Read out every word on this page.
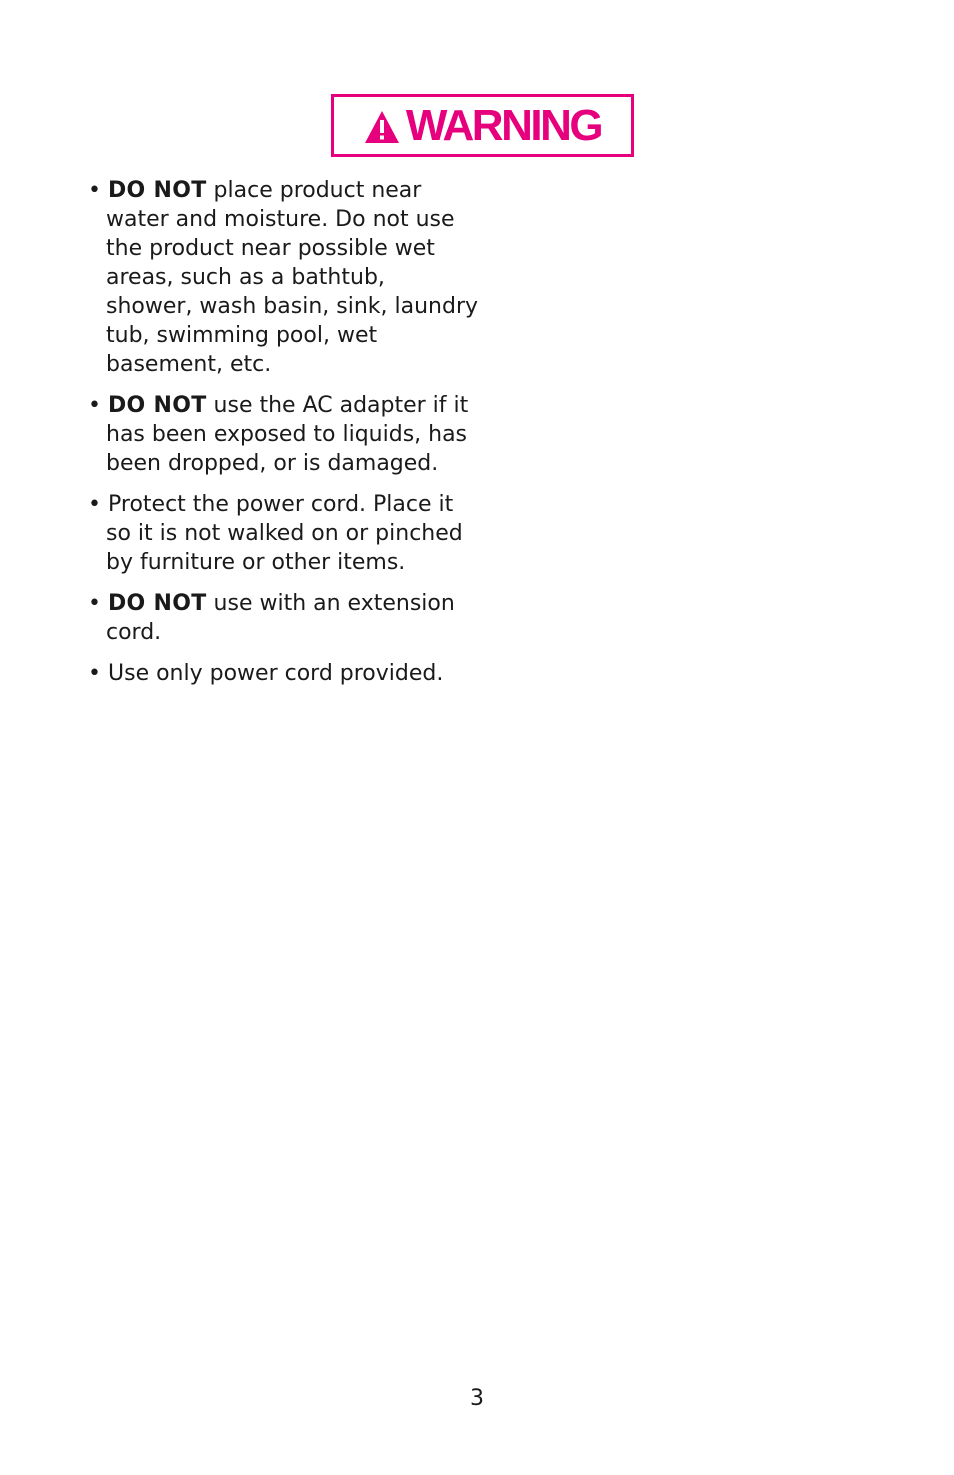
WARNING
• DO NOT place product near water and moisture. Do not use the product near possible wet areas, such as a bathtub, shower, wash basin, sink, laundry tub, swimming pool, wet basement, etc.
• DO NOT use the AC adapter if it has been exposed to liquids, has been dropped, or is damaged.
• Protect the power cord. Place it so it is not walked on or pinched by furniture or other items.
• DO NOT use with an extension cord.
• Use only power cord provided.
3
